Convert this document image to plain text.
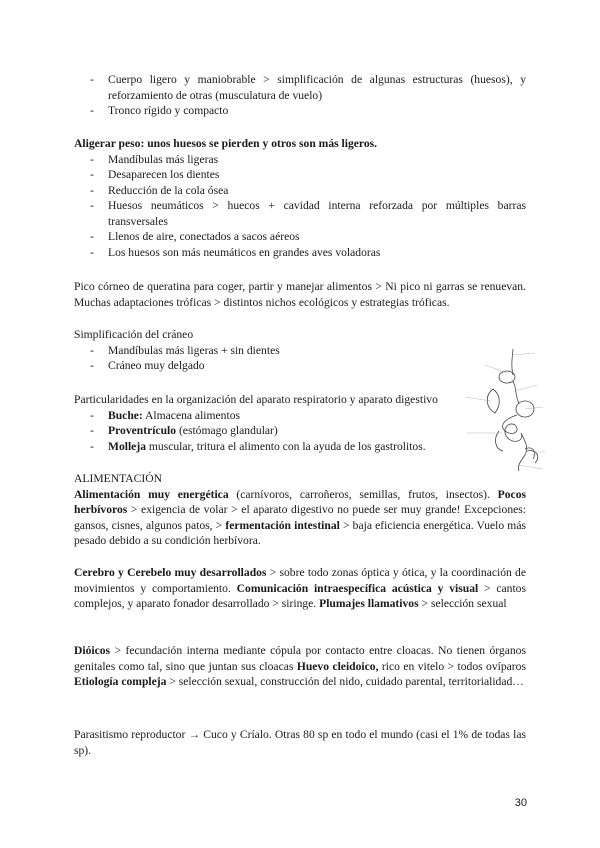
- Cuerpo ligero y maniobrable > simplificación de algunas estructuras (huesos), y reforzamiento de otras (musculatura de vuelo)
- Tronco rígido y compacto
Aligerar peso: unos huesos se pierden y otros son más ligeros.
- Mandíbulas más ligeras
- Desaparecen los dientes
- Reducción de la cola ósea
- Huesos neumáticos > huecos + cavidad interna reforzada por múltiples barras transversales
- Llenos de aire, conectados a sacos aéreos
- Los huesos son más neumáticos en grandes aves voladoras
Pico córneo de queratina para coger, partir y manejar alimentos > Ni pico ni garras se renuevan. Muchas adaptaciones tróficas > distintos nichos ecológicos y estrategias tróficas.
Simplificación del cráneo
- Mandíbulas más ligeras + sin dientes
- Cráneo muy delgado
Particularidades en la organización del aparato respiratorio y aparato digestivo
- Buche: Almacena alimentos
- Proventrículo (estómago glandular)
- Molleja muscular, tritura el alimento con la ayuda de los gastrolitos.
ALIMENTACIÓN
Alimentación muy energética (carnívoros, carroñeros, semillas, frutos, insectos). Pocos herbívoros > exigencia de volar > el aparato digestivo no puede ser muy grande! Excepciones: gansos, cisnes, algunos patos, > fermentación intestinal > baja eficiencia energética. Vuelo más pesado debido a su condición herbívora.
Cerebro y Cerebelo muy desarrollados > sobre todo zonas óptica y ótica, y la coordinación de movimientos y comportamiento. Comunicación intraespecífica acústica y visual > cantos complejos, y aparato fonador desarrollado > siringe. Plumajes llamativos > selección sexual
Dióicos > fecundación interna mediante cópula por contacto entre cloacas. No tienen órganos genitales como tal, sino que juntan sus cloacas Huevo cleidoico, rico en vitelo > todos ovíparos Etiología compleja > selección sexual, construcción del nido, cuidado parental, territorialidad…
Parasitismo reproductor → Cuco y Críalo. Otras 80 sp en todo el mundo (casi el 1% de todas las sp).
30
